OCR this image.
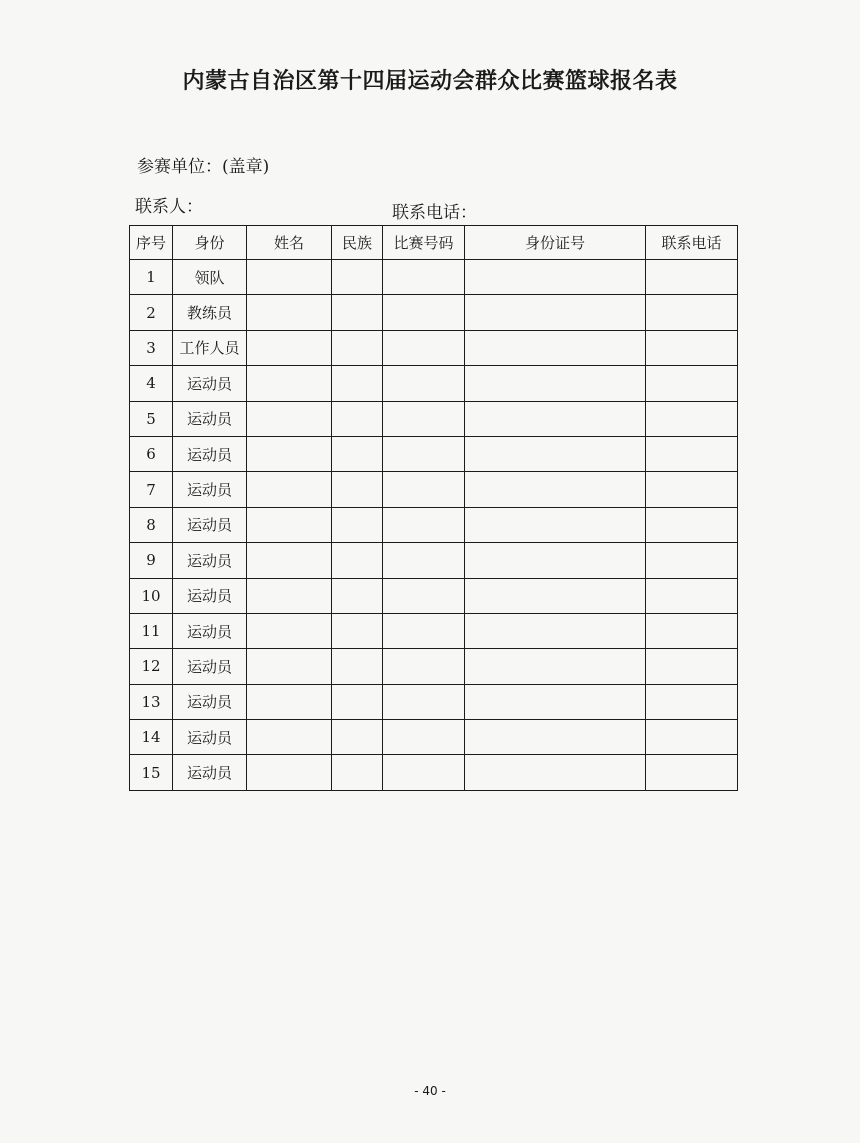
内蒙古自治区第十四届运动会群众比赛篮球报名表
参赛单位：(盖章)
联系人：	联系电话：
序号	身份	姓名	民族	比赛号码	身份证号	联系电话
1	领队					
2	教练员					
3	工作人员					
4	运动员					
5	运动员					
6	运动员					
7	运动员					
8	运动员					
9	运动员					
10	运动员					
11	运动员					
12	运动员					
13	运动员					
14	运动员					
15	运动员					
- 40 -
